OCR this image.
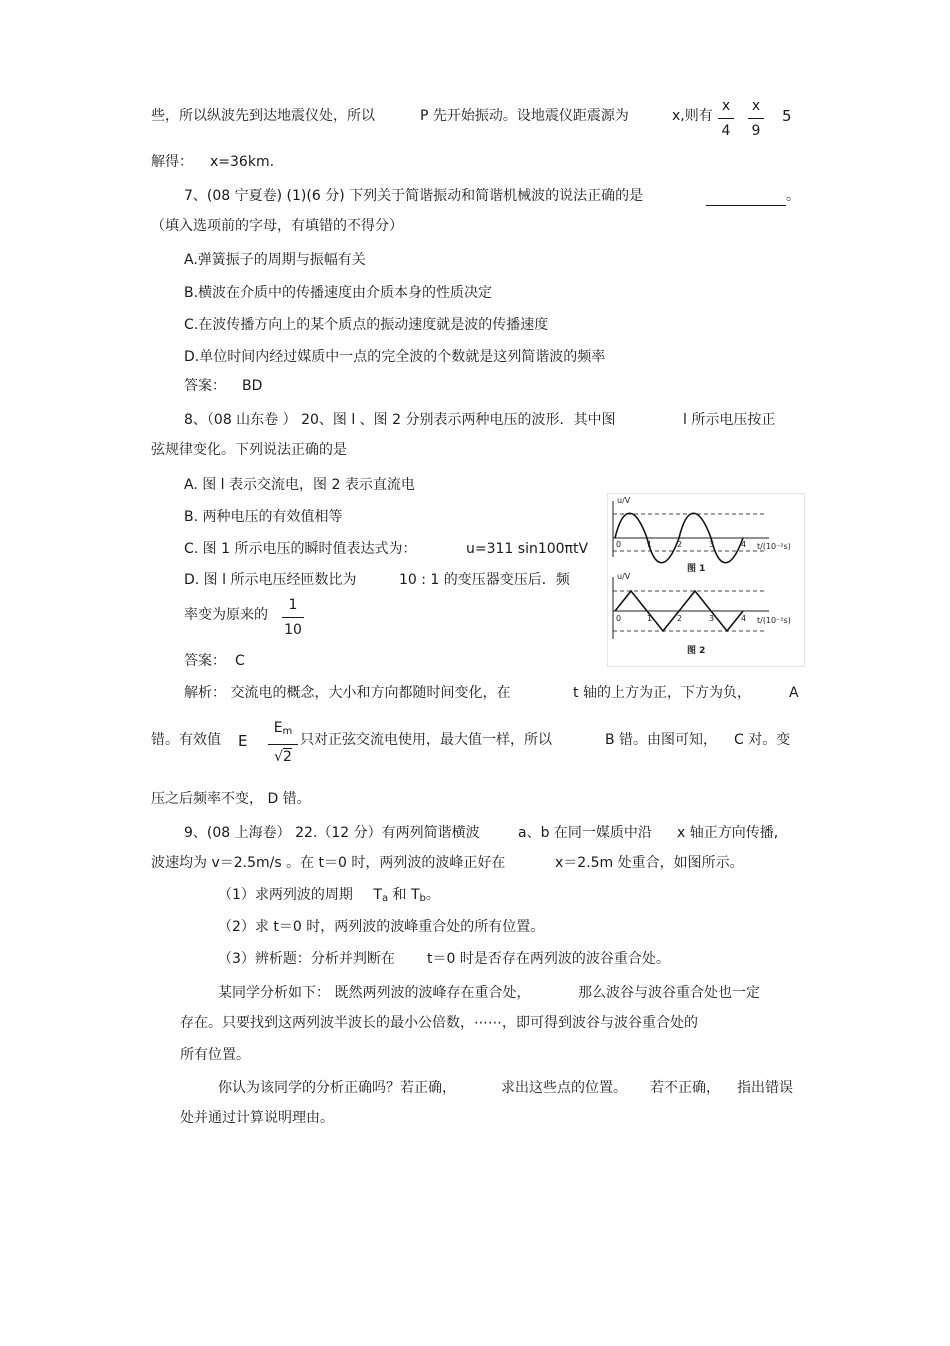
些，所以纵波先到达地震仪处，所以	P 先开始振动。设地震仪距震源为	x,则有
x
4
x
9
5
解得： x=36km.
7、(08 宁夏卷) (1)(6 分) 下列关于简谐振动和简谐机械波的说法正确的是	。
（填入选项前的字母，有填错的不得分）
A.弹簧振子的周期与振幅有关
B.横波在介质中的传播速度由介质本身的性质决定
C.在波传播方向上的某个质点的振动速度就是波的传播速度
D.单位时间内经过媒质中一点的完全波的个数就是这列简谐波的频率
答案： BD
8、（08 山东卷 ） 20、图 l 、图 2 分别表示两种电压的波形．其中图	l 所示电压按正
弦规律变化。下列说法正确的是
A. 图 l 表示交流电，图 2 表示直流电
B. 两种电压的有效值相等
C. 图 1 所示电压的瞬时值表达式为：	u=311 sin100πtV
D. 图 l 所示电压经匝数比为	10 : 1 的变压器变压后．频
率变为原来的
1
10
答案： C
u/V
t/(10⁻²s)
0	1	2	3	4
图 1
u/V
t/(10⁻²s)
0	1	2	3	4
图 2
解析： 交流电的概念，大小和方向都随时间变化，在	t 轴的上方为正，下方为负，	A
错。有效值 E
$E_m$
√2
只对正弦交流电使用，最大值一样，所以	B 错。由图可知， C 对。变
压之后频率不变， D 错。
9、(08 上海卷） 22.（12 分）有两列简谐横波	a、b 在同一媒质中沿 x 轴正方向传播,
波速均为 v＝2.5m/s 。在 t＝0 时，两列波的波峰正好在	x＝2.5m 处重合，如图所示。
（1）求两列波的周期 $T_a$ 和 $T_b$。
（2）求 t＝0 时，两列波的波峰重合处的所有位置。
（3）辨析题：分析并判断在 t＝0 时是否存在两列波的波谷重合处。
某同学分析如下： 既然两列波的波峰存在重合处，	那么波谷与波谷重合处也一定
存在。只要找到这两列波半波长的最小公倍数，⋯⋯，即可得到波谷与波谷重合处的
所有位置。
你认为该同学的分析正确吗？若正确，	求出这些点的位置。 若不正确， 指出错误
处并通过计算说明理由。
